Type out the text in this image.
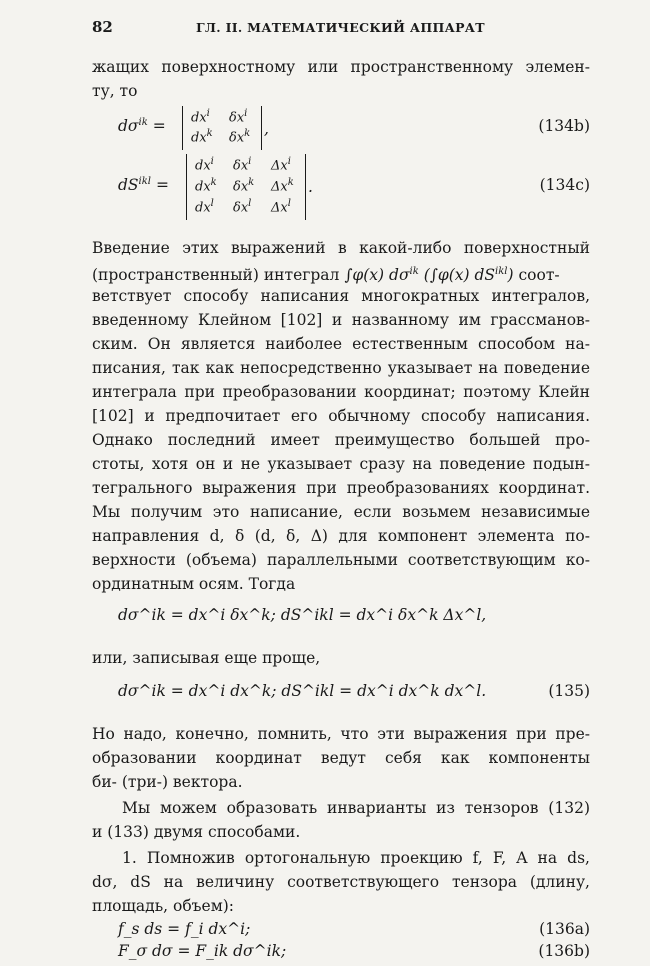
82	ГЛ. II. МАТЕМАТИЧЕСКИЙ АППАРАТ
жащих поверхностному или пространственному элемен-
ту, то
$d\sigma^{ik} = dx^i$ $\delta x^i$
$dx^k$ $\delta x^k$ ,	(134b)
$dS^{ikl}$ =
$dx^i$ $\delta x^i$ $\Delta x^i$
$dx^k$ $\delta x^k$ $\Delta x^k$
$dx^l$ $\delta x^l$ $\Delta x^l$
.	(134c)
Введение этих выражений в какой-либо поверхностный
(пространственный) интеграл ∫φ(x) $d\sigma^{ik}$ (∫φ(x) $dS^{ikl}$) соот-
ветствует способу написания многократных интегралов,
введенному Клейном [102] и названному им грассманов-
ским. Он является наиболее естественным способом на-
писания, так как непосредственно указывает на поведение
интеграла при преобразовании координат; поэтому Клейн
[102] и предпочитает его обычному способу написания.
Однако последний имеет преимущество большей про-
стоты, хотя он и не указывает сразу на поведение подын-
тегрального выражения при преобразованиях координат.
Мы получим это написание, если возьмем независимые
направления d, δ (d, δ, Δ) для компонент элемента по-
верхности (объема) параллельными соответствующим ко-
ординатным осям. Тогда
dσ^ik = dx^i δx^k; dS^ikl = dx^i δx^k Δx^l,
или, записывая еще проще,
dσ^ik = dx^i dx^k; dS^ikl = dx^i dx^k dx^l.	(135)
Но надо, конечно, помнить, что эти выражения при пре-
образовании координат ведут себя как компоненты
би- (три-) вектора.
Мы можем образовать инварианты из тензоров (132)
и (133) двумя способами.
1. Помножив ортогональную проекцию f, F, A на ds,
dσ, dS на величину соответствующего тензора (длину,
площадь, объем):
f_s ds = f_i dx^i;	(136a)
F_σ dσ = F_ik dσ^ik;	(136b)
